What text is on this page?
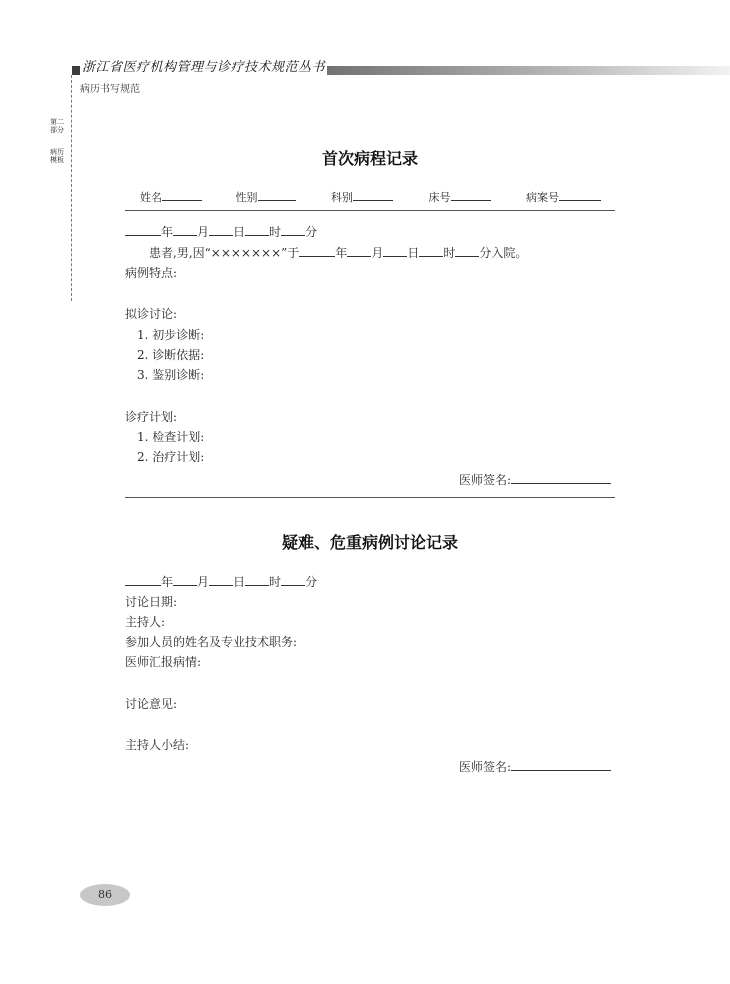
浙江省医疗机构管理与诊疗技术规范丛书
病历书写规范
第二部分
病历模板	首次病程记录
姓名	性别	科别	床号	病案号
年 月 日 时 分
患者,男,因“×××××××”于	年 月 日 时 分入院。
病例特点:
拟诊讨论:
1. 初步诊断:
2. 诊断依据:
3. 鉴别诊断:
诊疗计划:
1. 检查计划:
2. 治疗计划:
医师签名:
疑难、危重病例讨论记录
年 月 日 时 分
讨论日期:
主持人:
参加人员的姓名及专业技术职务:
医师汇报病情:
讨论意见:
主持人小结:
医师签名:
86
